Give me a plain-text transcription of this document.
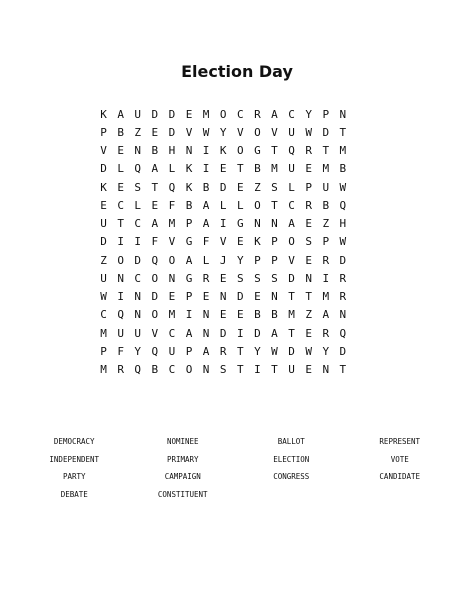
Election Day
K	A	U	D	D	E	M	O	C	R	A	C	Y	P	N
P	B	Z	E	D	V	W	Y	V	O	V	U	W	D	T
V	E	N	B	H	N	I	K	O	G	T	Q	R	T	M
D	L	Q	A	L	K	I	E	T	B	M	U	E	M	B
K	E	S	T	Q	K	B	D	E	Z	S	L	P	U	W
E	C	L	E	F	B	A	L	L	O	T	C	R	B	Q
U	T	C	A	M	P	A	I	G	N	N	A	E	Z	H
D	I	I	F	V	G	F	V	E	K	P	O	S	P	W
Z	O	D	Q	O	A	L	J	Y	P	P	V	E	R	D
U	N	C	O	N	G	R	E	S	S	S	D	N	I	R
W	I	N	D	E	P	E	N	D	E	N	T	T	M	R
C	Q	N	O	M	I	N	E	E	B	B	M	Z	A	N
M	U	U	V	C	A	N	D	I	D	A	T	E	R	Q
P	F	Y	Q	U	P	A	R	T	Y	W	D	W	Y	D
M	R	Q	B	C	O	N	S	T	I	T	U	E	N	T
DEMOCRACY	NOMINEE	BALLOT	REPRESENT
INDEPENDENT	PRIMARY	ELECTION	VOTE
PARTY	CAMPAIGN	CONGRESS	CANDIDATE
DEBATE	CONSTITUENT
